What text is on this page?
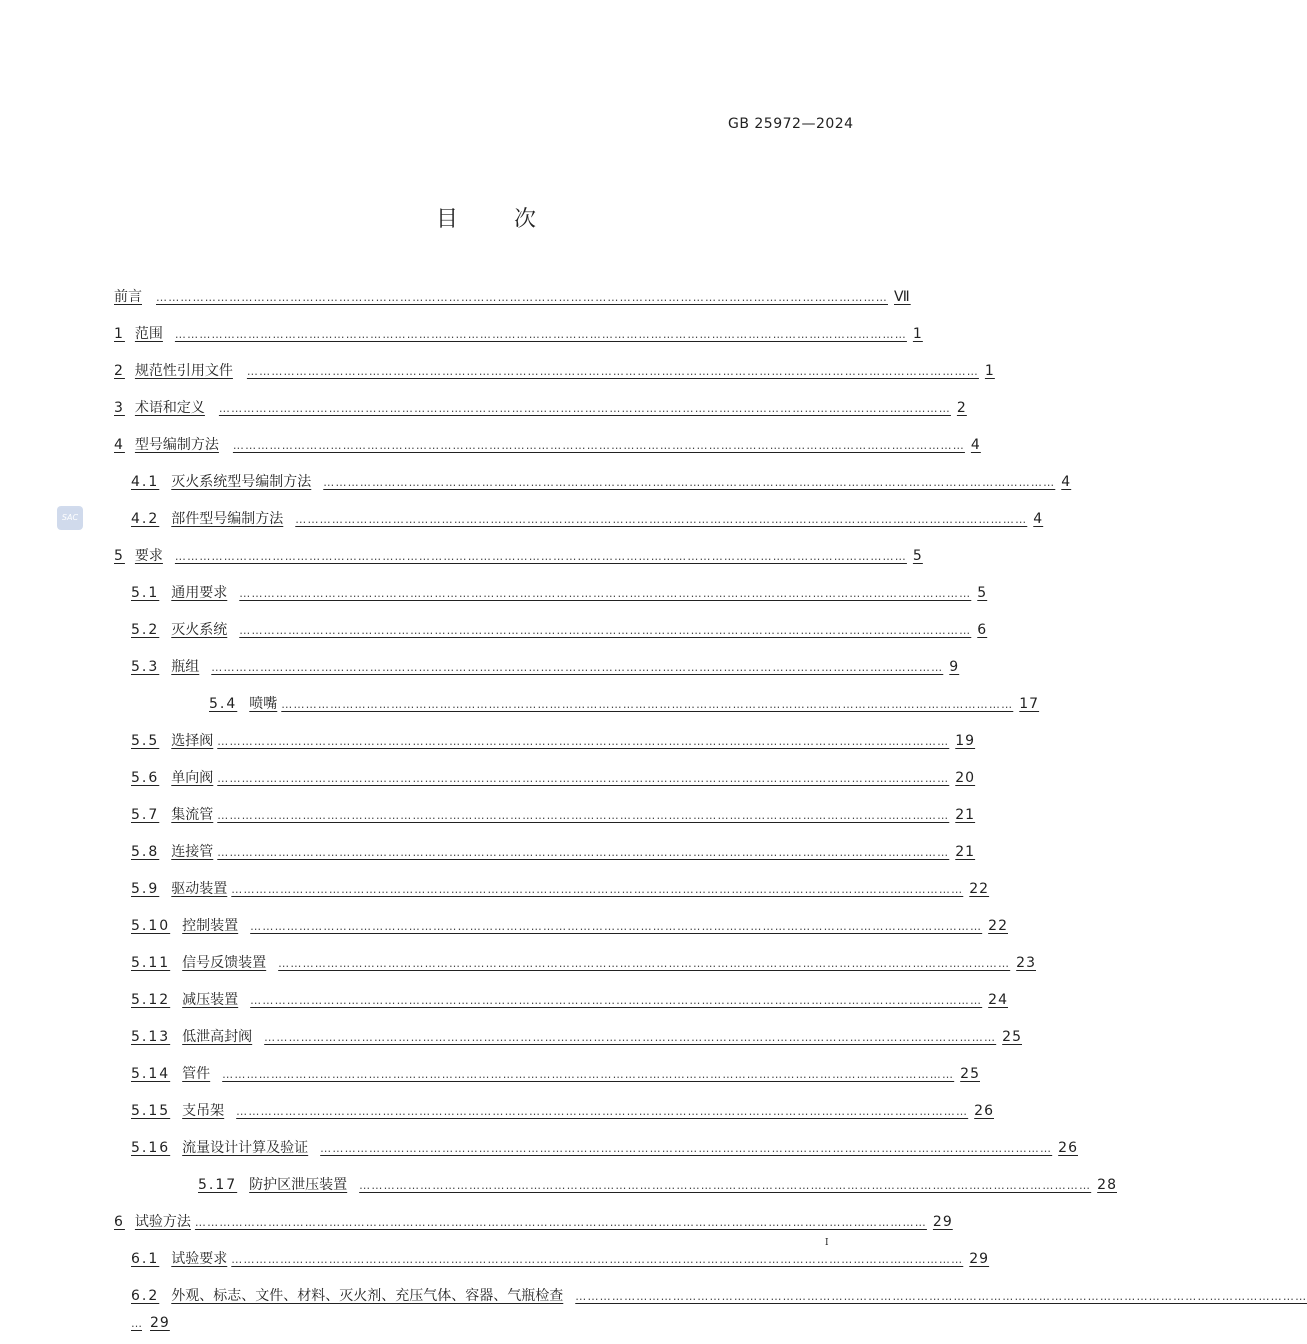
GB 25972—2024
目	次
SAC
前言 ……………………………………………………………………………………………………………………………………………………………… Ⅶ
1 范围 ……………………………………………………………………………………………………………………………………………………………… 1
2 规范性引用文件 ……………………………………………………………………………………………………………………………………………………………… 1
3 术语和定义 ……………………………………………………………………………………………………………………………………………………………… 2
4 型号编制方法 ……………………………………………………………………………………………………………………………………………………………… 4
4.1 灭火系统型号编制方法 ……………………………………………………………………………………………………………………………………………………………… 4
4.2 部件型号编制方法 ……………………………………………………………………………………………………………………………………………………………… 4
5 要求 ……………………………………………………………………………………………………………………………………………………………… 5
5.1 通用要求 ……………………………………………………………………………………………………………………………………………………………… 5
5.2 灭火系统 ……………………………………………………………………………………………………………………………………………………………… 6
5.3 瓶组 ……………………………………………………………………………………………………………………………………………………………… 9
5.4 喷嘴 ……………………………………………………………………………………………………………………………………………………………… 17
5.5 选择阀 ……………………………………………………………………………………………………………………………………………………………… 19
5.6 单向阀 ……………………………………………………………………………………………………………………………………………………………… 20
5.7 集流管 ……………………………………………………………………………………………………………………………………………………………… 21
5.8 连接管 ……………………………………………………………………………………………………………………………………………………………… 21
5.9 驱动装置 ……………………………………………………………………………………………………………………………………………………………… 22
5.10 控制装置 ……………………………………………………………………………………………………………………………………………………………… 22
5.11 信号反馈装置 ……………………………………………………………………………………………………………………………………………………………… 23
5.12 减压装置 ……………………………………………………………………………………………………………………………………………………………… 24
5.13 低泄高封阀 ……………………………………………………………………………………………………………………………………………………………… 25
5.14 管件 ……………………………………………………………………………………………………………………………………………………………… 25
5.15 支吊架 ……………………………………………………………………………………………………………………………………………………………… 26
5.16 流量设计计算及验证 ……………………………………………………………………………………………………………………………………………………………… 26
5.17 防护区泄压装置 ……………………………………………………………………………………………………………………………………………………………… 28
6 试验方法 ……………………………………………………………………………………………………………………………………………………………… 29
6.1 试验要求 ……………………………………………………………………………………………………………………………………………………………… 29
6.2 外观、标志、文件、材料、灭火剂、充压气体、容器、气瓶检查 ………………………………………………………………………………………………………………………………………………………………
… 29
I
